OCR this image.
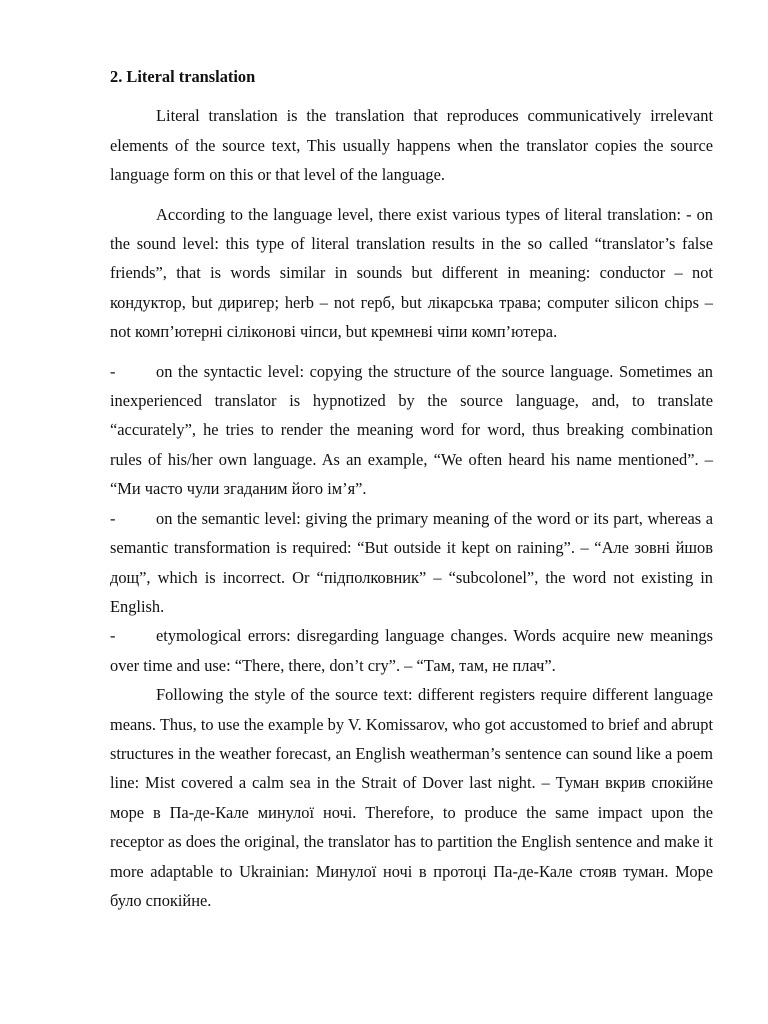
2. Literal translation

Literal translation is the translation that reproduces communicatively irrelevant elements of the source text, This usually happens when the translator copies the source language form on this or that level of the language.

According to the language level, there exist various types of literal translation: - on the sound level: this type of literal translation results in the so called “translator’s false friends”, that is words similar in sounds but different in meaning: conductor – not кондуктор, but диригер; herb – not герб, but лікарська трава; computer silicon chips – not комп’ютерні сіліконові чіпси, but кремневі чіпи комп’ютера.

- on the syntactic level: copying the structure of the source language. Sometimes an inexperienced translator is hypnotized by the source language, and, to translate “accurately”, he tries to render the meaning word for word, thus breaking combination rules of his/her own language. As an example, “We often heard his name mentioned”. – “Ми часто чули згаданим його ім’я”.

- on the semantic level: giving the primary meaning of the word or its part, whereas a semantic transformation is required: “But outside it kept on raining”. – “Але зовні йшов дощ”, which is incorrect. Or “підполковник” – “subcolonel”, the word not existing in English.

- etymological errors: disregarding language changes. Words acquire new meanings over time and use: “There, there, don’t cry”. – “Там, там, не плач”.

Following the style of the source text: different registers require different language means. Thus, to use the example by V. Komissarov, who got accustomed to brief and abrupt structures in the weather forecast, an English weatherman’s sentence can sound like a poem line: Mist covered a calm sea in the Strait of Dover last night. – Туман вкрив спокійне море в Па-де-Кале минулої ночі. Therefore, to produce the same impact upon the receptor as does the original, the translator has to partition the English sentence and make it more adaptable to Ukrainian: Минулої ночі в протоці Па-де-Кале стояв туман. Море було спокійне.
